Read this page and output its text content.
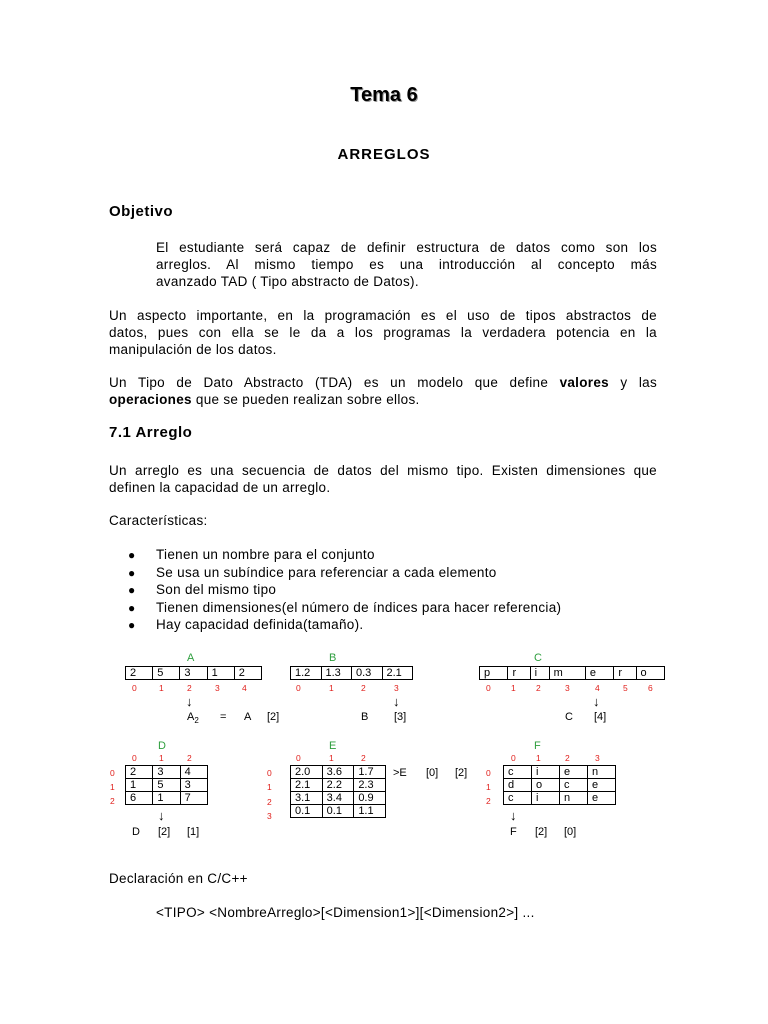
Tema 6
ARREGLOS
Objetivo
El estudiante será capaz de definir estructura de datos como son los
arreglos. Al mismo tiempo es una introducción al concepto más
avanzado TAD ( Tipo abstracto de Datos).
Un aspecto importante, en la programación es el uso de tipos abstractos de
datos, pues con ella se le da a los programas la verdadera potencia en la
manipulación de los datos.
Un Tipo de Dato Abstracto (TDA) es un modelo que define valores y las
operaciones que se pueden realizan sobre ellos.
7.1 Arreglo
Un arreglo es una secuencia de datos del mismo tipo. Existen dimensiones que
definen la capacidad de un arreglo.
Características:
● Tienen un nombre para el conjunto
● Se usa un subíndice para referenciar a cada elemento
● Son del mismo tipo
● Tienen dimensiones(el número de índices para hacer referencia)
● Hay capacidad definida(tamaño).
A
2	5	3	1	2
0	1	2	3	4
↓
$A_2 = A$ [2]
B
1.2	1.3	0.3	2.1
0	1	2	3
↓
B [3]
C
p	r	i	m	e	r	o
0 1 2	3	4	5 6
↓
C [4]
D
0	1	2
0
1
2
2	3	4
1	5	3
6	1	7
↓
D [2] [1]
E
0	1	2
0
1
2
3
2.0	3.6	1.7
2.1	2.2	2.3
3.1	3.4	0.9
0.1	0.1	1.1
>E [0] [2]
F
0 1	2	3
0
1
2
c	i	e	n
d	o	c	e
c	i	n	e
↓
F [2] [0]
Declaración en C/C++
<TIPO> <NombreArreglo>[<Dimension1>][<Dimension2>] ...
